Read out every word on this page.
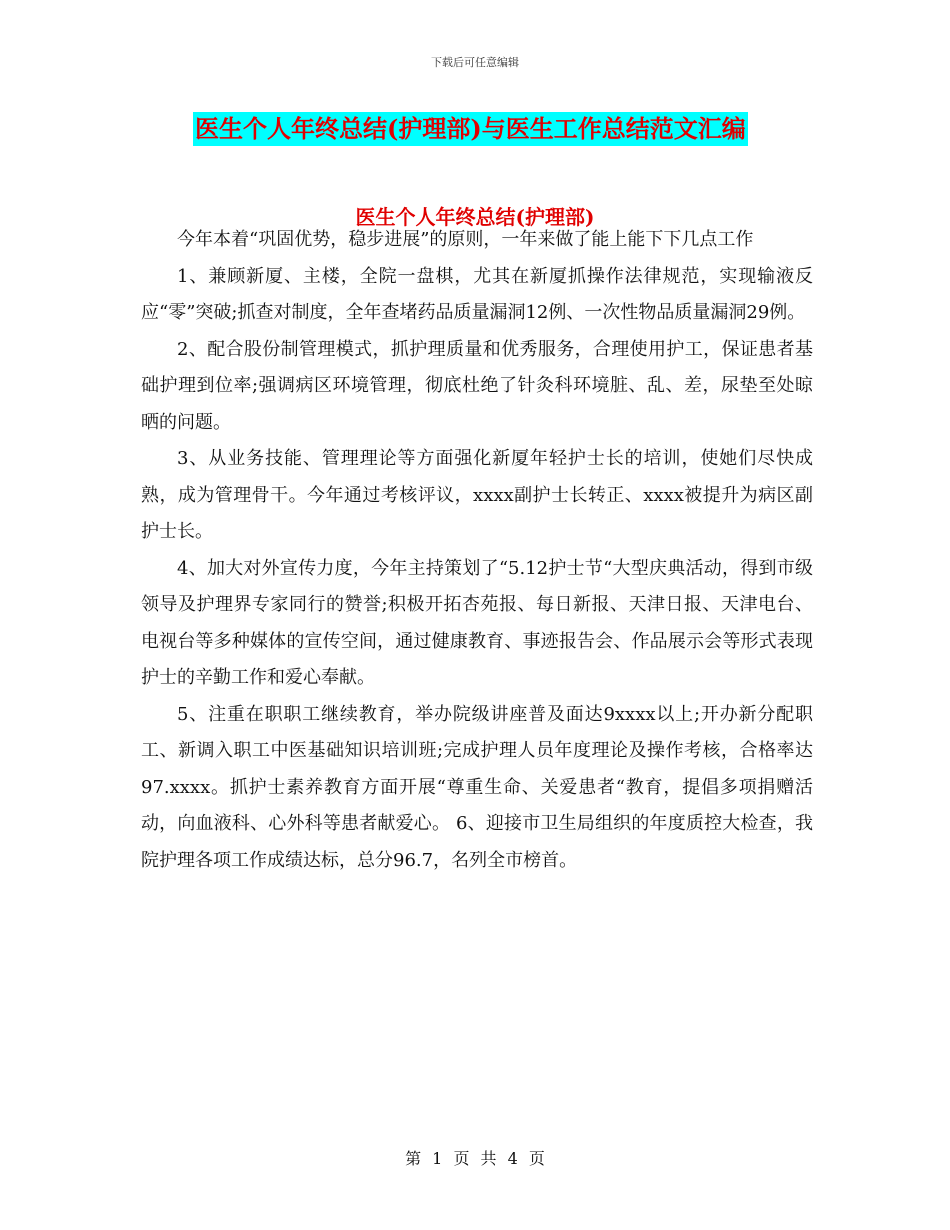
下载后可任意编辑
医生个人年终总结(护理部)与医生工作总结范文汇编
医生个人年终总结(护理部)

今年本着“巩固优势，稳步进展”的原则，一年来做了能上能下下几点工作

1、兼顾新厦、主楼，全院一盘棋，尤其在新厦抓操作法律规范，实现输液反应“零”突破;抓查对制度，全年查堵药品质量漏洞12例、一次性物品质量漏洞29例。

2、配合股份制管理模式，抓护理质量和优秀服务，合理使用护工，保证患者基础护理到位率;强调病区环境管理，彻底杜绝了针灸科环境脏、乱、差，尿垫至处晾晒的问题。

3、从业务技能、管理理论等方面强化新厦年轻护士长的培训，使她们尽快成熟，成为管理骨干。今年通过考核评议，xxxx副护士长转正、xxxx被提升为病区副护士长。

4、加大对外宣传力度，今年主持策划了“5.12护士节“大型庆典活动，得到市级领导及护理界专家同行的赞誉;积极开拓杏苑报、每日新报、天津日报、天津电台、电视台等多种媒体的宣传空间，通过健康教育、事迹报告会、作品展示会等形式表现护士的辛勤工作和爱心奉献。

5、注重在职职工继续教育，举办院级讲座普及面达9xxxx以上;开办新分配职工、新调入职工中医基础知识培训班;完成护理人员年度理论及操作考核，合格率达97.xxxx。抓护士素养教育方面开展“尊重生命、关爱患者“教育，提倡多项捐赠活动，向血液科、心外科等患者献爱心。 6、迎接市卫生局组织的年度质控大检查，我院护理各项工作成绩达标，总分96.7，名列全市榜首。

第 1 页 共 4 页
